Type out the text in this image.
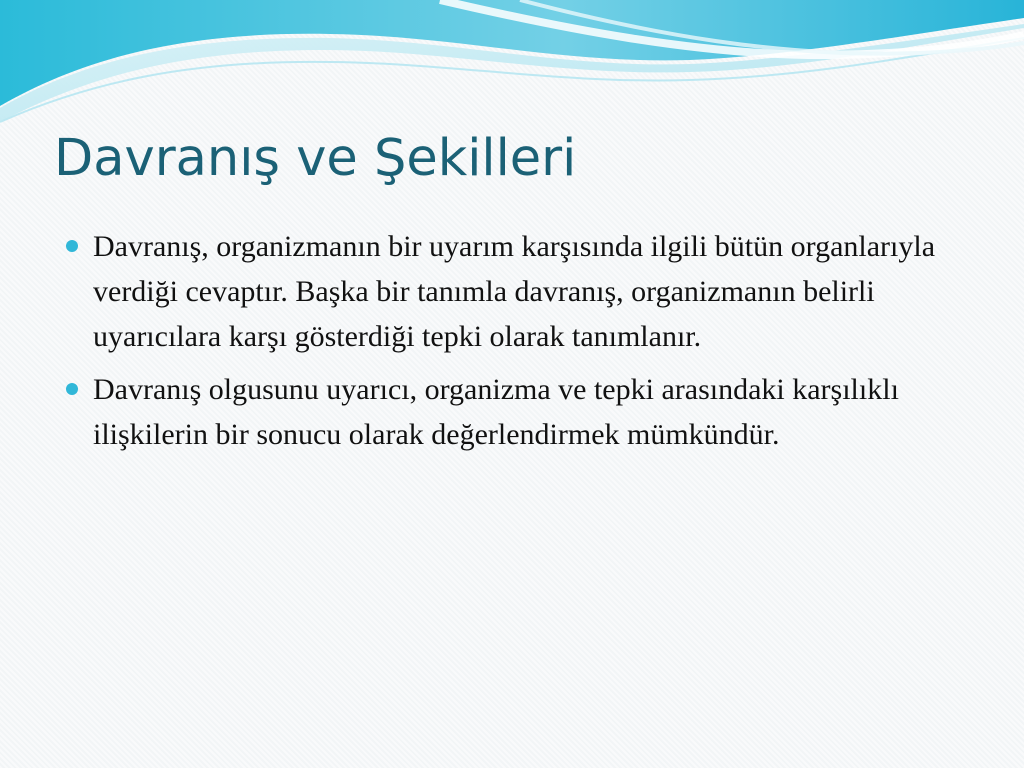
Davranış ve Şekilleri
Davranış, organizmanın bir uyarım karşısında ilgili bütün organlarıyla verdiği cevaptır. Başka bir tanımla davranış, organizmanın belirli uyarıcılara karşı gösterdiği tepki olarak tanımlanır.
Davranış olgusunu uyarıcı, organizma ve tepki arasındaki karşılıklı ilişkilerin bir sonucu olarak değerlendirmek mümkündür.
